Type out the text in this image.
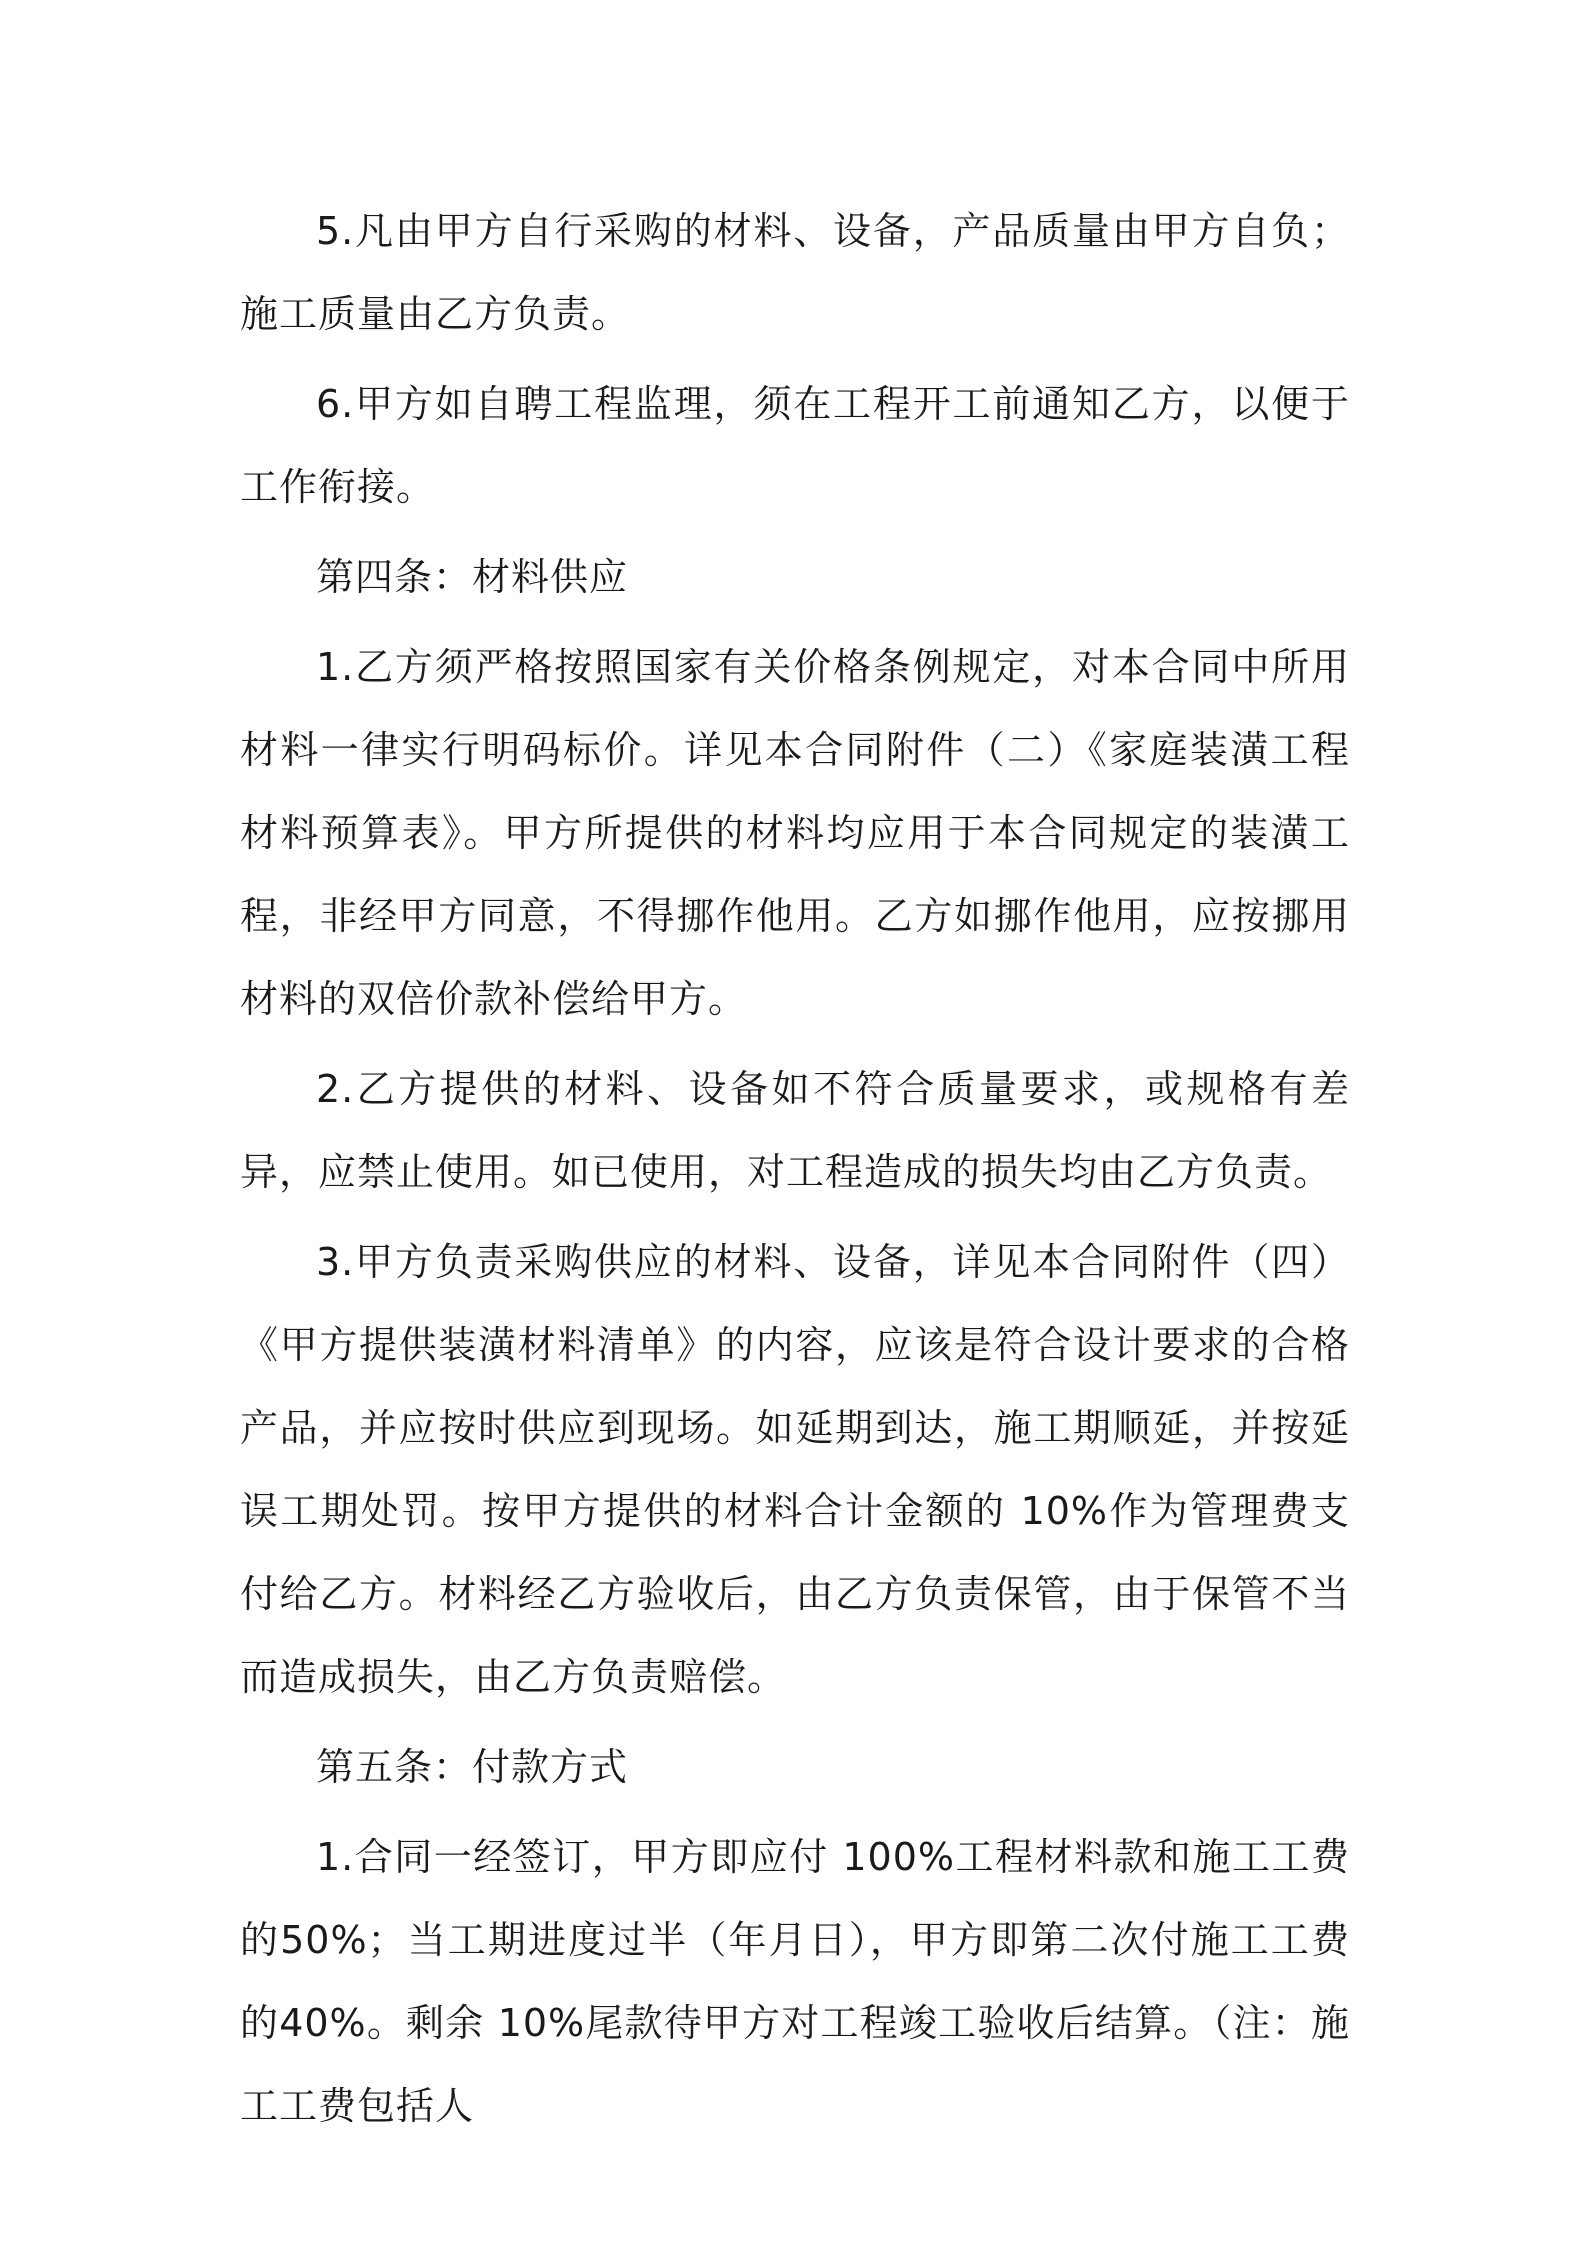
5.凡由甲方自行采购的材料、设备，产品质量由甲方自负；施工质量由乙方负责。

6.甲方如自聘工程监理，须在工程开工前通知乙方，以便于工作衔接。

第四条：材料供应

1.乙方须严格按照国家有关价格条例规定，对本合同中所用材料一律实行明码标价。详见本合同附件（二）《家庭装潢工程材料预算表》。甲方所提供的材料均应用于本合同规定的装潢工程，非经甲方同意，不得挪作他用。乙方如挪作他用，应按挪用材料的双倍价款补偿给甲方。

2.乙方提供的材料、设备如不符合质量要求，或规格有差异，应禁止使用。如已使用，对工程造成的损失均由乙方负责。

3.甲方负责采购供应的材料、设备，详见本合同附件（四）《甲方提供装潢材料清单》的内容，应该是符合设计要求的合格产品，并应按时供应到现场。如延期到达，施工期顺延，并按延误工期处罚。按甲方提供的材料合计金额的 10%作为管理费支付给乙方。材料经乙方验收后，由乙方负责保管，由于保管不当而造成损失，由乙方负责赔偿。

第五条：付款方式

1.合同一经签订，甲方即应付 100%工程材料款和施工工费的50%；当工期进度过半（年月日），甲方即第二次付施工工费的40%。剩余 10%尾款待甲方对工程竣工验收后结算。（注：施工工费包括人
